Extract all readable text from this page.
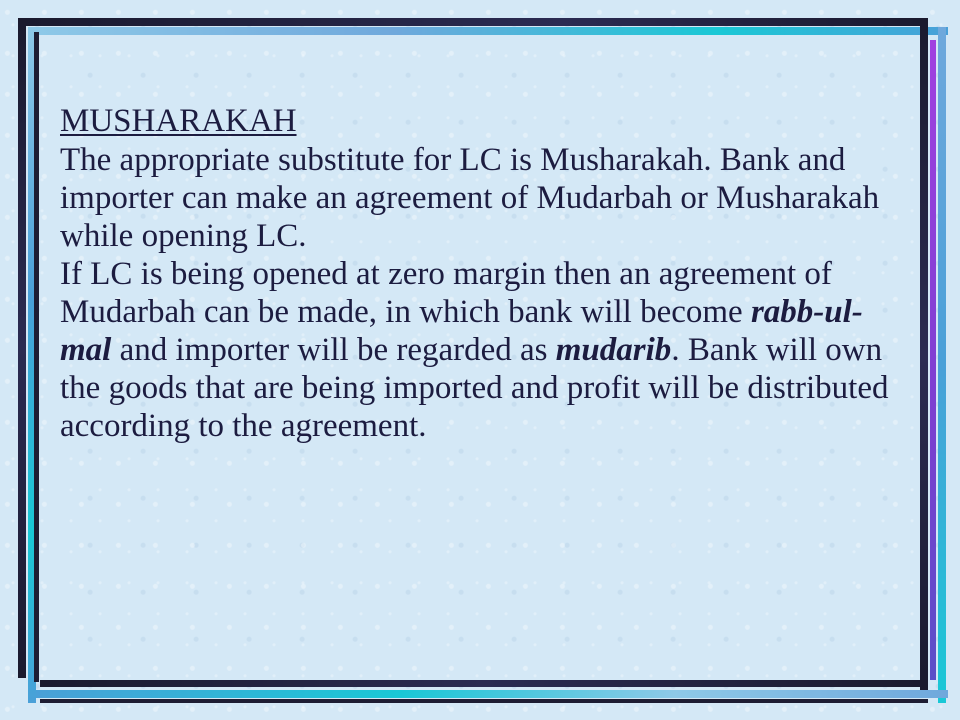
MUSHARAKAH
The appropriate substitute for LC is Musharakah. Bank and importer can make an agreement of Mudarbah or Musharakah while opening LC.
If LC is being opened at zero margin then an agreement of Mudarbah can be made, in which bank will become rabb-ul-mal and importer will be regarded as mudarib. Bank will own the goods that are being imported and profit will be distributed according to the agreement.
